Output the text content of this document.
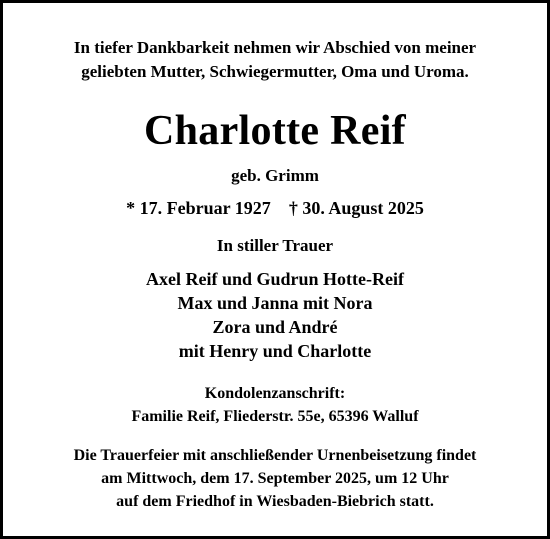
In tiefer Dankbarkeit nehmen wir Abschied von meiner

geliebten Mutter, Schwiegermutter, Oma und Uroma.

Charlotte Reif

geb. Grimm

* 17. Februar 1927 † 30. August 2025

In stiller Trauer

Axel Reif und Gudrun Hotte-Reif

Max und Janna mit Nora

Zora und André

mit Henry und Charlotte

Kondolenzanschrift:

Familie Reif, Fliederstr. 55e, 65396 Walluf

Die Trauerfeier mit anschließender Urnenbeisetzung findet

am Mittwoch, dem 17. September 2025, um 12 Uhr

auf dem Friedhof in Wiesbaden-Biebrich statt.
